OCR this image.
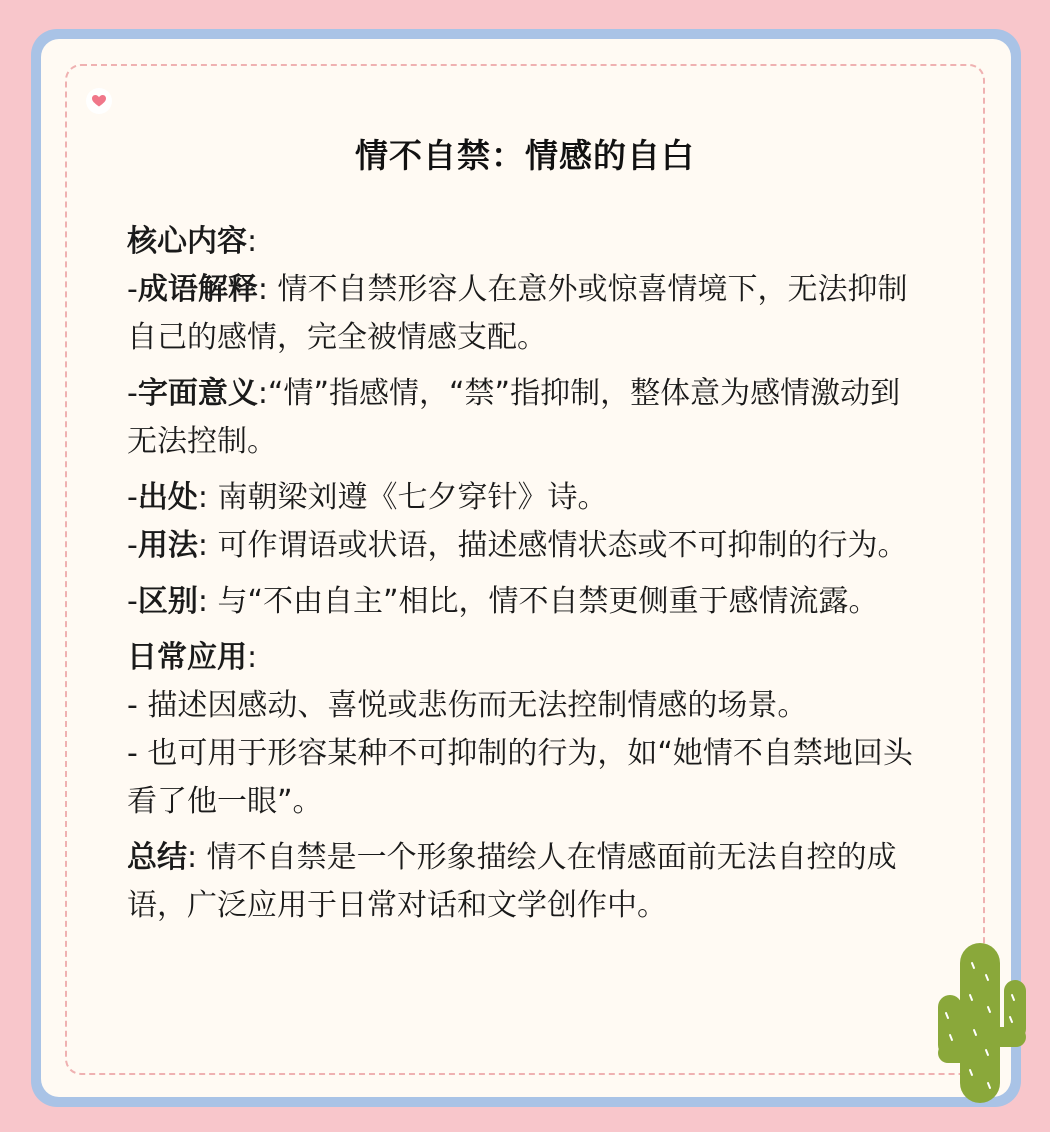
情不自禁：情感的自白

核心内容:

-成语解释: 情不自禁形容人在意外或惊喜情境下，无法抑制自己的感情，完全被情感支配。

-字面意义:“情”指感情，“禁”指抑制，整体意为感情激动到无法控制。

-出处: 南朝梁刘遵《七夕穿针》诗。

-用法: 可作谓语或状语，描述感情状态或不可抑制的行为。

-区别: 与“不由自主”相比，情不自禁更侧重于感情流露。

日常应用:

- 描述因感动、喜悦或悲伤而无法控制情感的场景。

- 也可用于形容某种不可抑制的行为，如“她情不自禁地回头看了他一眼”。

总结: 情不自禁是一个形象描绘人在情感面前无法自控的成语，广泛应用于日常对话和文学创作中。
